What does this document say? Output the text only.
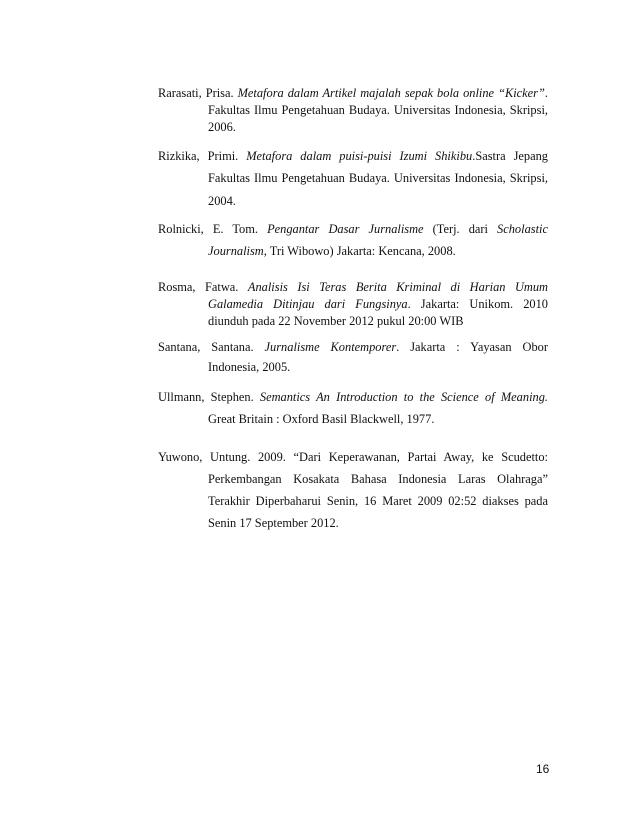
Rarasati, Prisa. Metafora dalam Artikel majalah sepak bola online “Kicker”.
Fakultas Ilmu Pengetahuan Budaya. Universitas Indonesia, Skripsi,
2006.
Rizkika, Primi. Metafora dalam puisi-puisi Izumi Shikibu.Sastra Jepang
Fakultas Ilmu Pengetahuan Budaya. Universitas Indonesia, Skripsi,
2004.
Rolnicki, E. Tom. Pengantar Dasar Jurnalisme (Terj. dari Scholastic
Journalism, Tri Wibowo) Jakarta: Kencana, 2008.
Rosma, Fatwa. Analisis Isi Teras Berita Kriminal di Harian Umum
Galamedia Ditinjau dari Fungsinya. Jakarta: Unikom. 2010
diunduh pada 22 November 2012 pukul 20:00 WIB
Santana, Santana. Jurnalisme Kontemporer. Jakarta : Yayasan Obor
Indonesia, 2005.
Ullmann, Stephen. Semantics An Introduction to the Science of Meaning.
Great Britain : Oxford Basil Blackwell, 1977.
Yuwono, Untung. 2009. “Dari Keperawanan, Partai Away, ke Scudetto:
Perkembangan Kosakata Bahasa Indonesia Laras Olahraga”
Terakhir Diperbaharui Senin, 16 Maret 2009 02:52 diakses pada
Senin 17 September 2012.
16
